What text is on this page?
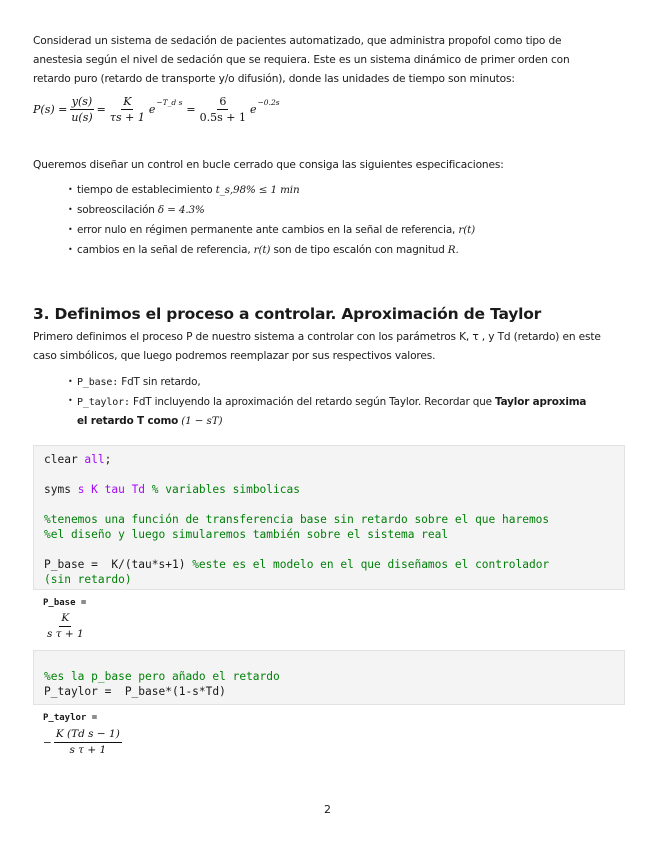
Considerad un sistema de sedación de pacientes automatizado, que administra propofol como tipo de
anestesia según el nivel de sedación que se requiera. Este es un sistema dinámico de primer orden con
retardo puro (retardo de transporte y/o difusión), donde las unidades de tiempo son minutos:
$P(s) = \frac{y(s)}{u(s)} = \frac{K}{\tau s + 1}$ e
−T_d s
= $\frac{6}{0.5s + 1}$ e
−0.2s
Queremos diseñar un control en bucle cerrado que consiga las siguientes especificaciones:
• tiempo de establecimiento t_s,98% ≤ 1 min
• sobreoscilación δ = 4.3%
• error nulo en régimen permanente ante cambios en la señal de referencia, r(t)
• cambios en la señal de referencia, r(t) son de tipo escalón con magnitud R.
3. Definimos el proceso a controlar. Aproximación de Taylor
Primero definimos el proceso P de nuestro sistema a controlar con los parámetros K, τ , y Td (retardo) en este
caso simbólicos, que luego podremos reemplazar por sus respectivos valores.
• P_base: FdT sin retardo,
• P_taylor: FdT incluyendo la aproximación del retardo según Taylor. Recordar que Taylor aproxima
el retardo T como (1 − sT)
clear all;
syms s K tau Td % variables simbolicas
%tenemos una función de transferencia base sin retardo sobre el que haremos
%el diseño y luego simularemos también sobre el sistema real
P_base =  K/(tau*s+1) %este es el modelo en el que diseñamos el controlador
(sin retardo)
P_base =
$\frac{K}{\text{s τ + 1}}$
%es la p_base pero añado el retardo
P_taylor =  P_base*(1-s*Td)
P_taylor =
− $\frac{\text{K (Td s − 1)}}{\text{s τ + 1}}$
2
